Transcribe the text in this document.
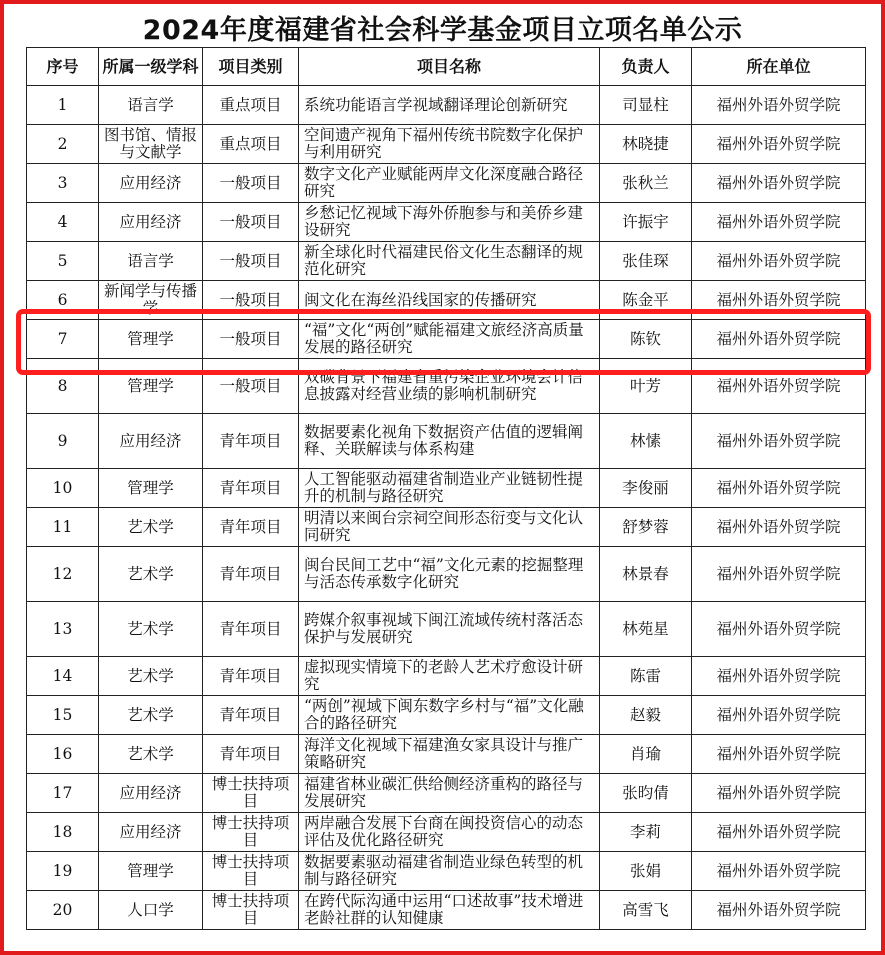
2024年度福建省社会科学基金项目立项名单公示
序号	所属一级学科	项目类别	项目名称	负责人	所在单位
1	语言学	重点项目	系统功能语言学视域翻译理论创新研究	司显柱	福州外语外贸学院
2	图书馆、情报与文献学	重点项目	空间遗产视角下福州传统书院数字化保护与利用研究	林晓捷	福州外语外贸学院
3	应用经济	一般项目	数字文化产业赋能两岸文化深度融合路径研究	张秋兰	福州外语外贸学院
4	应用经济	一般项目	乡愁记忆视域下海外侨胞参与和美侨乡建设研究	许振宇	福州外语外贸学院
5	语言学	一般项目	新全球化时代福建民俗文化生态翻译的规范化研究	张佳琛	福州外语外贸学院
6	新闻学与传播学	一般项目	闽文化在海丝沿线国家的传播研究	陈金平	福州外语外贸学院
7	管理学	一般项目	“福”文化“两创”赋能福建文旅经济高质量发展的路径研究	陈钦	福州外语外贸学院
8	管理学	一般项目	双碳背景下福建省重污染企业环境会计信息披露对经营业绩的影响机制研究	叶芳	福州外语外贸学院
9	应用经济	青年项目	数据要素化视角下数据资产估值的逻辑阐释、关联解读与体系构建	林愫	福州外语外贸学院
10	管理学	青年项目	人工智能驱动福建省制造业产业链韧性提升的机制与路径研究	李俊丽	福州外语外贸学院
11	艺术学	青年项目	明清以来闽台宗祠空间形态衍变与文化认同研究	舒梦蓉	福州外语外贸学院
12	艺术学	青年项目	闽台民间工艺中“福”文化元素的挖掘整理与活态传承数字化研究	林景春	福州外语外贸学院
13	艺术学	青年项目	跨媒介叙事视域下闽江流域传统村落活态保护与发展研究	林苑星	福州外语外贸学院
14	艺术学	青年项目	虚拟现实情境下的老龄人艺术疗愈设计研究	陈雷	福州外语外贸学院
15	艺术学	青年项目	“两创”视域下闽东数字乡村与“福”文化融合的路径研究	赵毅	福州外语外贸学院
16	艺术学	青年项目	海洋文化视域下福建渔女家具设计与推广策略研究	肖瑜	福州外语外贸学院
17	应用经济	博士扶持项目	福建省林业碳汇供给侧经济重构的路径与发展研究	张昀倩	福州外语外贸学院
18	应用经济	博士扶持项目	两岸融合发展下台商在闽投资信心的动态评估及优化路径研究	李莉	福州外语外贸学院
19	管理学	博士扶持项目	数据要素驱动福建省制造业绿色转型的机制与路径研究	张娟	福州外语外贸学院
20	人口学	博士扶持项目	在跨代际沟通中运用“口述故事”技术增进老龄社群的认知健康	高雪飞	福州外语外贸学院
